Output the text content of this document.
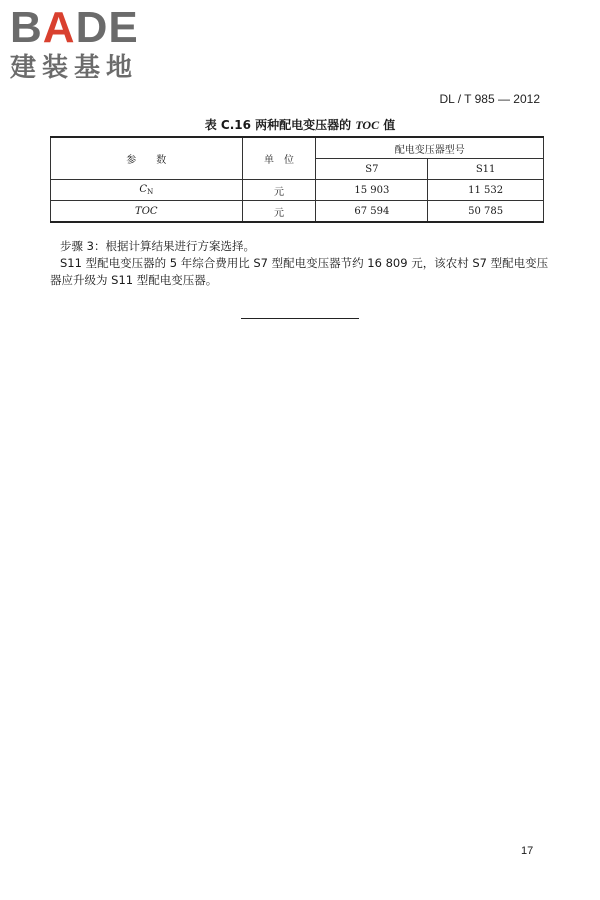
BADE
建装基地
DL / T 985 — 2012
表 C.16 两种配电变压器的 TOC 值
参　　数	单　位	配电变压器型号	
		S7	S11
$C_N$	元	15 903	11 532
TOC	元	67 594	50 785

步骤 3：根据计算结果进行方案选择。

S11 型配电变压器的 5 年综合费用比 S7 型配电变压器节约 16 809 元，该农村 S7 型配电变压器应升级为 S11 型配电变压器。

17
